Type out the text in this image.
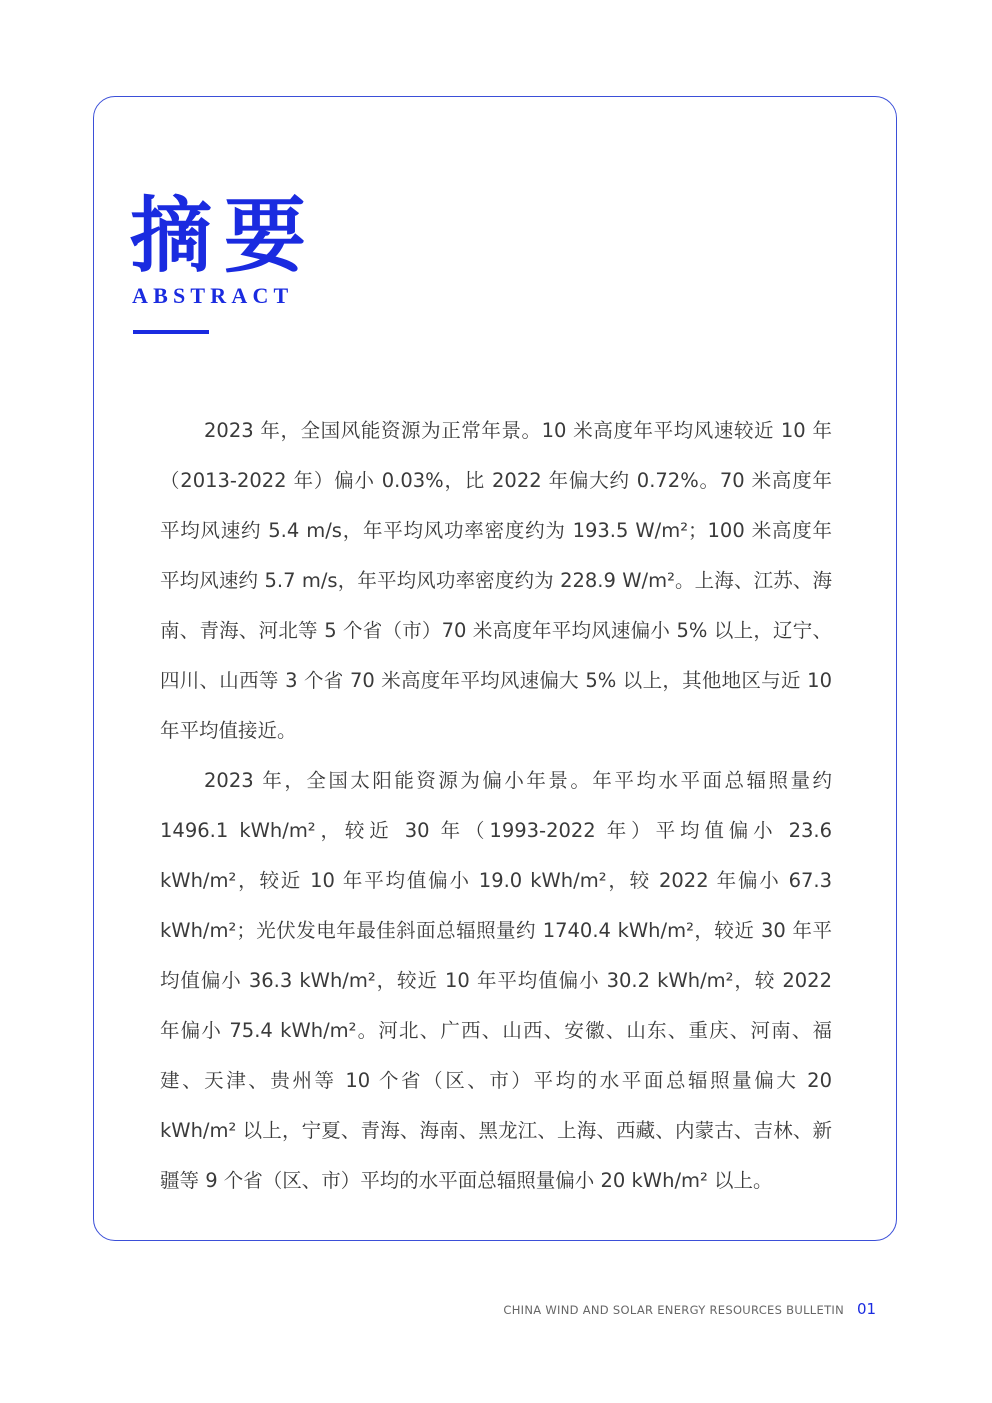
摘要
ABSTRACT

2023 年，全国风能资源为正常年景。10 米高度年平均风速较近 10 年（2013-2022 年）偏小 0.03%，比 2022 年偏大约 0.72%。70 米高度年平均风速约 5.4 m/s，年平均风功率密度约为 193.5 W/m²；100 米高度年平均风速约 5.7 m/s，年平均风功率密度约为 228.9 W/m²。上海、江苏、海南、青海、河北等 5 个省（市）70 米高度年平均风速偏小 5% 以上，辽宁、四川、山西等 3 个省 70 米高度年平均风速偏大 5% 以上，其他地区与近 10 年平均值接近。

2023 年，全国太阳能资源为偏小年景。年平均水平面总辐照量约 1496.1 kWh/m²，较近 30 年（1993-2022 年）平均值偏小 23.6 kWh/m²，较近 10 年平均值偏小 19.0 kWh/m²，较 2022 年偏小 67.3 kWh/m²；光伏发电年最佳斜面总辐照量约 1740.4 kWh/m²，较近 30 年平均值偏小 36.3 kWh/m²，较近 10 年平均值偏小 30.2 kWh/m²，较 2022 年偏小 75.4 kWh/m²。河北、广西、山西、安徽、山东、重庆、河南、福建、天津、贵州等 10 个省（区、市）平均的水平面总辐照量偏大 20 kWh/m² 以上，宁夏、青海、海南、黑龙江、上海、西藏、内蒙古、吉林、新疆等 9 个省（区、市）平均的水平面总辐照量偏小 20 kWh/m² 以上。

CHINA WIND AND SOLAR ENERGY RESOURCES BULLETIN 01
